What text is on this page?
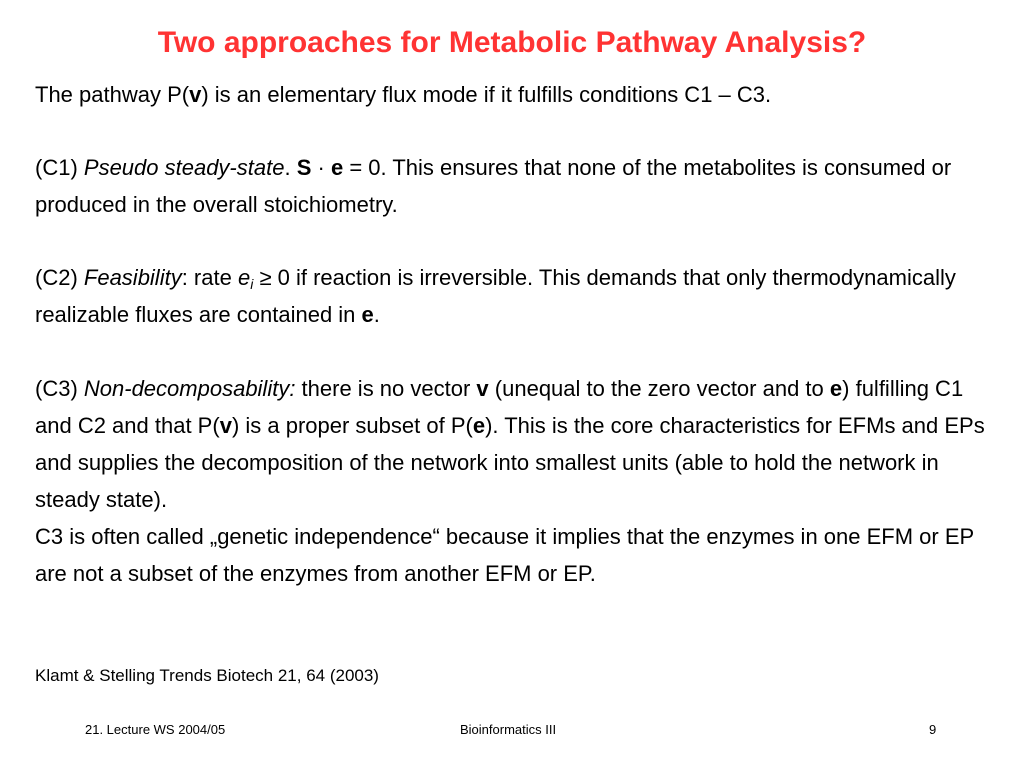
Two approaches for Metabolic Pathway Analysis?

The pathway P(v) is an elementary flux mode if it fulfills conditions C1 – C3.

(C1) Pseudo steady-state. S · e = 0. This ensures that none of the metabolites is consumed or produced in the overall stoichiometry.

(C2) Feasibility: rate $e_i \ge 0$ if reaction is irreversible. This demands that only thermodynamically realizable fluxes are contained in e.

(C3) Non-decomposability: there is no vector v (unequal to the zero vector and to e) fulfilling C1 and C2 and that P(v) is a proper subset of P(e). This is the core characteristics for EFMs and EPs and supplies the decomposition of the network into smallest units (able to hold the network in steady state).

C3 is often called „genetic independence“ because it implies that the enzymes in one EFM or EP are not a subset of the enzymes from another EFM or EP.

Klamt & Stelling Trends Biotech 21, 64 (2003)

21. Lecture WS 2004/05	Bioinformatics III	9
